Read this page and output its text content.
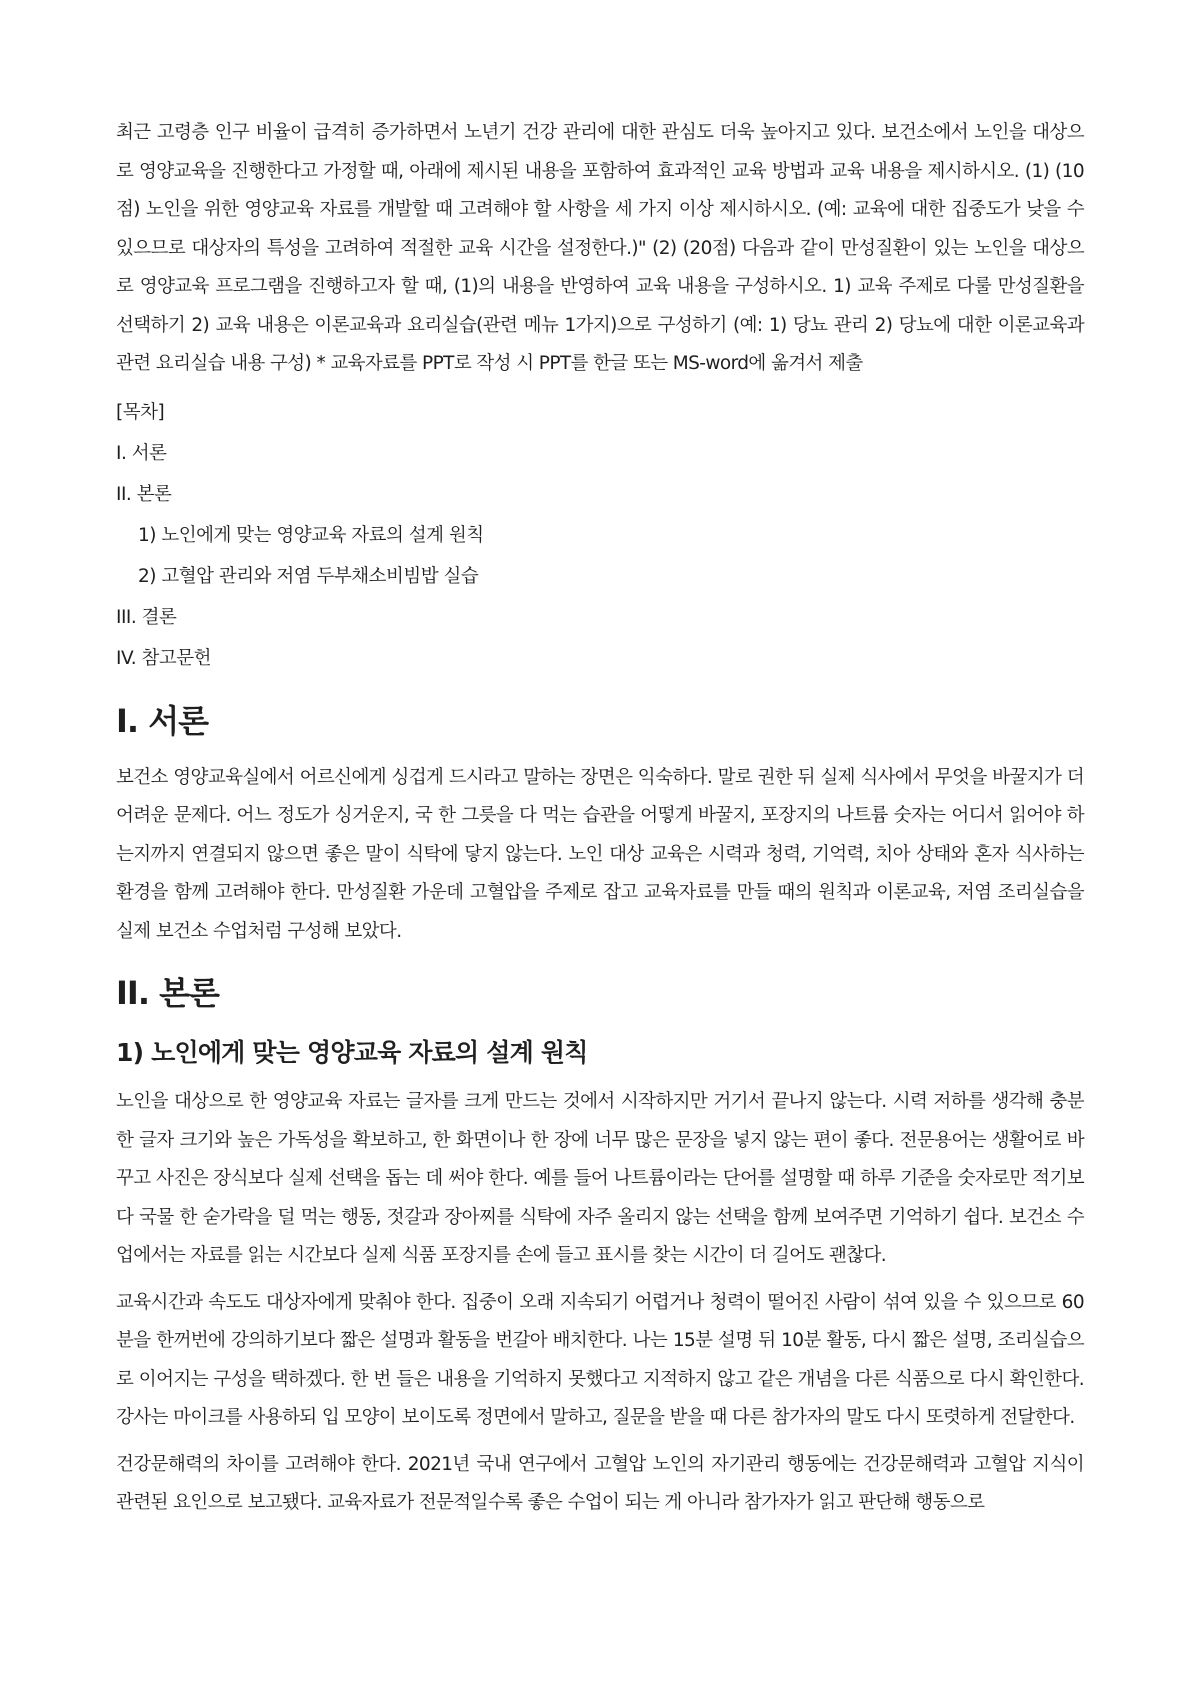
최근 고령층 인구 비율이 급격히 증가하면서 노년기 건강 관리에 대한 관심도 더욱 높아지고 있다. 보건소에서 노인을 대상으로 영양교육을 진행한다고 가정할 때, 아래에 제시된 내용을 포함하여 효과적인 교육 방법과 교육 내용을 제시하시오. (1) (10점) 노인을 위한 영양교육 자료를 개발할 때 고려해야 할 사항을 세 가지 이상 제시하시오. (예: 교육에 대한 집중도가 낮을 수 있으므로 대상자의 특성을 고려하여 적절한 교육 시간을 설정한다.)" (2) (20점) 다음과 같이 만성질환이 있는 노인을 대상으로 영양교육 프로그램을 진행하고자 할 때, (1)의 내용을 반영하여 교육 내용을 구성하시오. 1) 교육 주제로 다룰 만성질환을 선택하기 2) 교육 내용은 이론교육과 요리실습(관련 메뉴 1가지)으로 구성하기 (예: 1) 당뇨 관리 2) 당뇨에 대한 이론교육과 관련 요리실습 내용 구성) * 교육자료를 PPT로 작성 시 PPT를 한글 또는 MS-word에 옮겨서 제출

[목차]

I. 서론

II. 본론

1) 노인에게 맞는 영양교육 자료의 설계 원칙

2) 고혈압 관리와 저염 두부채소비빔밥 실습

III. 결론

IV. 참고문헌

I. 서론

보건소 영양교육실에서 어르신에게 싱겁게 드시라고 말하는 장면은 익숙하다. 말로 권한 뒤 실제 식사에서 무엇을 바꿀지가 더 어려운 문제다. 어느 정도가 싱거운지, 국 한 그릇을 다 먹는 습관을 어떻게 바꿀지, 포장지의 나트륨 숫자는 어디서 읽어야 하는지까지 연결되지 않으면 좋은 말이 식탁에 닿지 않는다. 노인 대상 교육은 시력과 청력, 기억력, 치아 상태와 혼자 식사하는 환경을 함께 고려해야 한다. 만성질환 가운데 고혈압을 주제로 잡고 교육자료를 만들 때의 원칙과 이론교육, 저염 조리실습을 실제 보건소 수업처럼 구성해 보았다.

II. 본론
1) 노인에게 맞는 영양교육 자료의 설계 원칙

노인을 대상으로 한 영양교육 자료는 글자를 크게 만드는 것에서 시작하지만 거기서 끝나지 않는다. 시력 저하를 생각해 충분한 글자 크기와 높은 가독성을 확보하고, 한 화면이나 한 장에 너무 많은 문장을 넣지 않는 편이 좋다. 전문용어는 생활어로 바꾸고 사진은 장식보다 실제 선택을 돕는 데 써야 한다. 예를 들어 나트륨이라는 단어를 설명할 때 하루 기준을 숫자로만 적기보다 국물 한 숟가락을 덜 먹는 행동, 젓갈과 장아찌를 식탁에 자주 올리지 않는 선택을 함께 보여주면 기억하기 쉽다. 보건소 수업에서는 자료를 읽는 시간보다 실제 식품 포장지를 손에 들고 표시를 찾는 시간이 더 길어도 괜찮다.

교육시간과 속도도 대상자에게 맞춰야 한다. 집중이 오래 지속되기 어렵거나 청력이 떨어진 사람이 섞여 있을 수 있으므로 60분을 한꺼번에 강의하기보다 짧은 설명과 활동을 번갈아 배치한다. 나는 15분 설명 뒤 10분 활동, 다시 짧은 설명, 조리실습으로 이어지는 구성을 택하겠다. 한 번 들은 내용을 기억하지 못했다고 지적하지 않고 같은 개념을 다른 식품으로 다시 확인한다. 강사는 마이크를 사용하되 입 모양이 보이도록 정면에서 말하고, 질문을 받을 때 다른 참가자의 말도 다시 또렷하게 전달한다.

건강문해력의 차이를 고려해야 한다. 2021년 국내 연구에서 고혈압 노인의 자기관리 행동에는 건강문해력과 고혈압 지식이 관련된 요인으로 보고됐다. 교육자료가 전문적일수록 좋은 수업이 되는 게 아니라 참가자가 읽고 판단해 행동으로
